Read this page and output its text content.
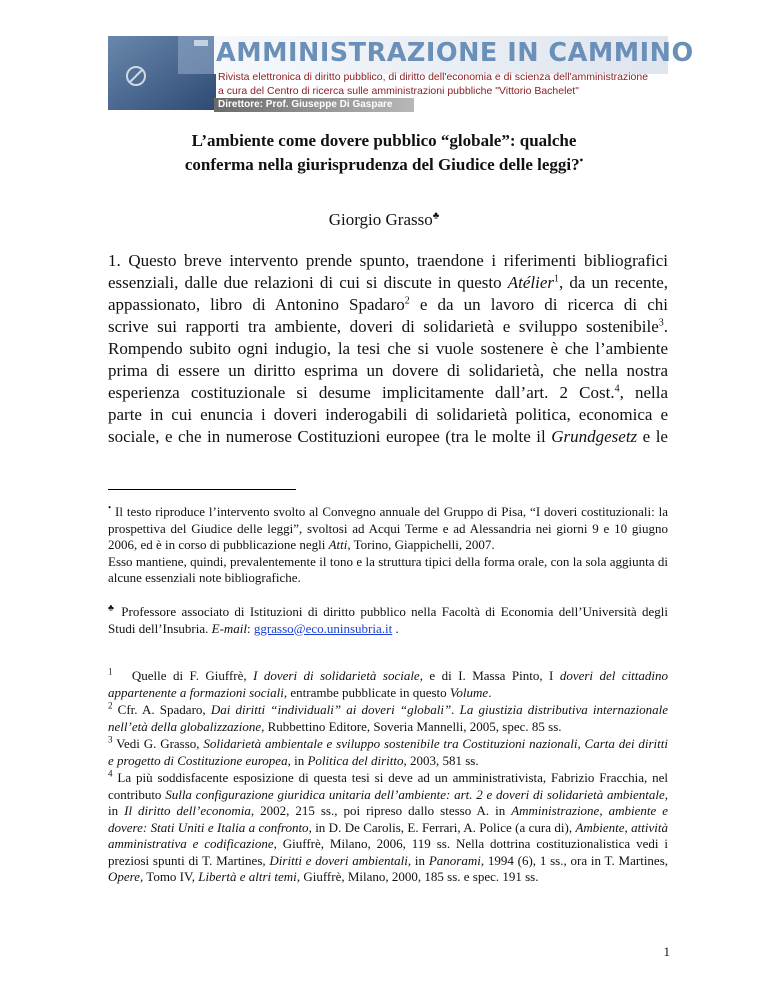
AMMINISTRAZIONE IN CAMMINO
Rivista elettronica di diritto pubblico, di diritto dell'economia e di scienza dell'amministrazione
a cura del Centro di ricerca sulle amministrazioni pubbliche "Vittorio Bachelet"
Direttore: Prof. Giuseppe Di Gaspare
L’ambiente come dovere pubblico “globale”: qualche
conferma nella giurisprudenza del Giudice delle leggi?•
Giorgio Grasso♣
1. Questo breve intervento prende spunto, traendone i riferimenti bibliografici
essenziali, dalle due relazioni di cui si discute in questo Atélier$^1$, da un recente,
appassionato, libro di Antonino Spadaro$^2$ e da un lavoro di ricerca di chi
scrive sui rapporti tra ambiente, doveri di solidarietà e sviluppo sostenibile$^3$.
Rompendo subito ogni indugio, la tesi che si vuole sostenere è che l’ambiente
prima di essere un diritto esprima un dovere di solidarietà, che nella nostra
esperienza costituzionale si desume implicitamente dall’art. 2 Cost.$^4$, nella
parte in cui enuncia i doveri inderogabili di solidarietà politica, economica e
sociale, e che in numerose Costituzioni europee (tra le molte il Grundgesetz e le
• Il testo riproduce l’intervento svolto al Convegno annuale del Gruppo di Pisa, “I doveri costituzionali: la prospettiva del Giudice delle leggi”, svoltosi ad Acqui Terme e ad Alessandria nei giorni 9 e 10 giugno 2006, ed è in corso di pubblicazione negli Atti, Torino, Giappichelli, 2007.
Esso mantiene, quindi, prevalentemente il tono e la struttura tipici della forma orale, con la sola aggiunta di alcune essenziali note bibliografiche.
♣ Professore associato di Istituzioni di diritto pubblico nella Facoltà di Economia dell’Università degli Studi dell’Insubria. E-mail: ggrasso@eco.uninsubria.it .
$^1$ Quelle di F. Giuffrè, I doveri di solidarietà sociale, e di I. Massa Pinto, I doveri del cittadino appartenente a formazioni sociali, entrambe pubblicate in questo Volume.
$^2$ Cfr. A. Spadaro, Dai diritti “individuali” ai doveri “globali”. La giustizia distributiva internazionale nell’età della globalizzazione, Rubbettino Editore, Soveria Mannelli, 2005, spec. 85 ss.
$^3$ Vedi G. Grasso, Solidarietà ambientale e sviluppo sostenibile tra Costituzioni nazionali, Carta dei diritti e progetto di Costituzione europea, in Politica del diritto, 2003, 581 ss.
$^4$ La più soddisfacente esposizione di questa tesi si deve ad un amministrativista, Fabrizio Fracchia, nel contributo Sulla configurazione giuridica unitaria dell’ambiente: art. 2 e doveri di solidarietà ambientale, in Il diritto dell’economia, 2002, 215 ss., poi ripreso dallo stesso A. in Amministrazione, ambiente e dovere: Stati Uniti e Italia a confronto, in D. De Carolis, E. Ferrari, A. Police (a cura di), Ambiente, attività amministrativa e codificazione, Giuffrè, Milano, 2006, 119 ss. Nella dottrina costituzionalistica vedi i preziosi spunti di T. Martines, Diritti e doveri ambientali, in Panorami, 1994 (6), 1 ss., ora in T. Martines, Opere, Tomo IV, Libertà e altri temi, Giuffrè, Milano, 2000, 185 ss. e spec. 191 ss.
1
